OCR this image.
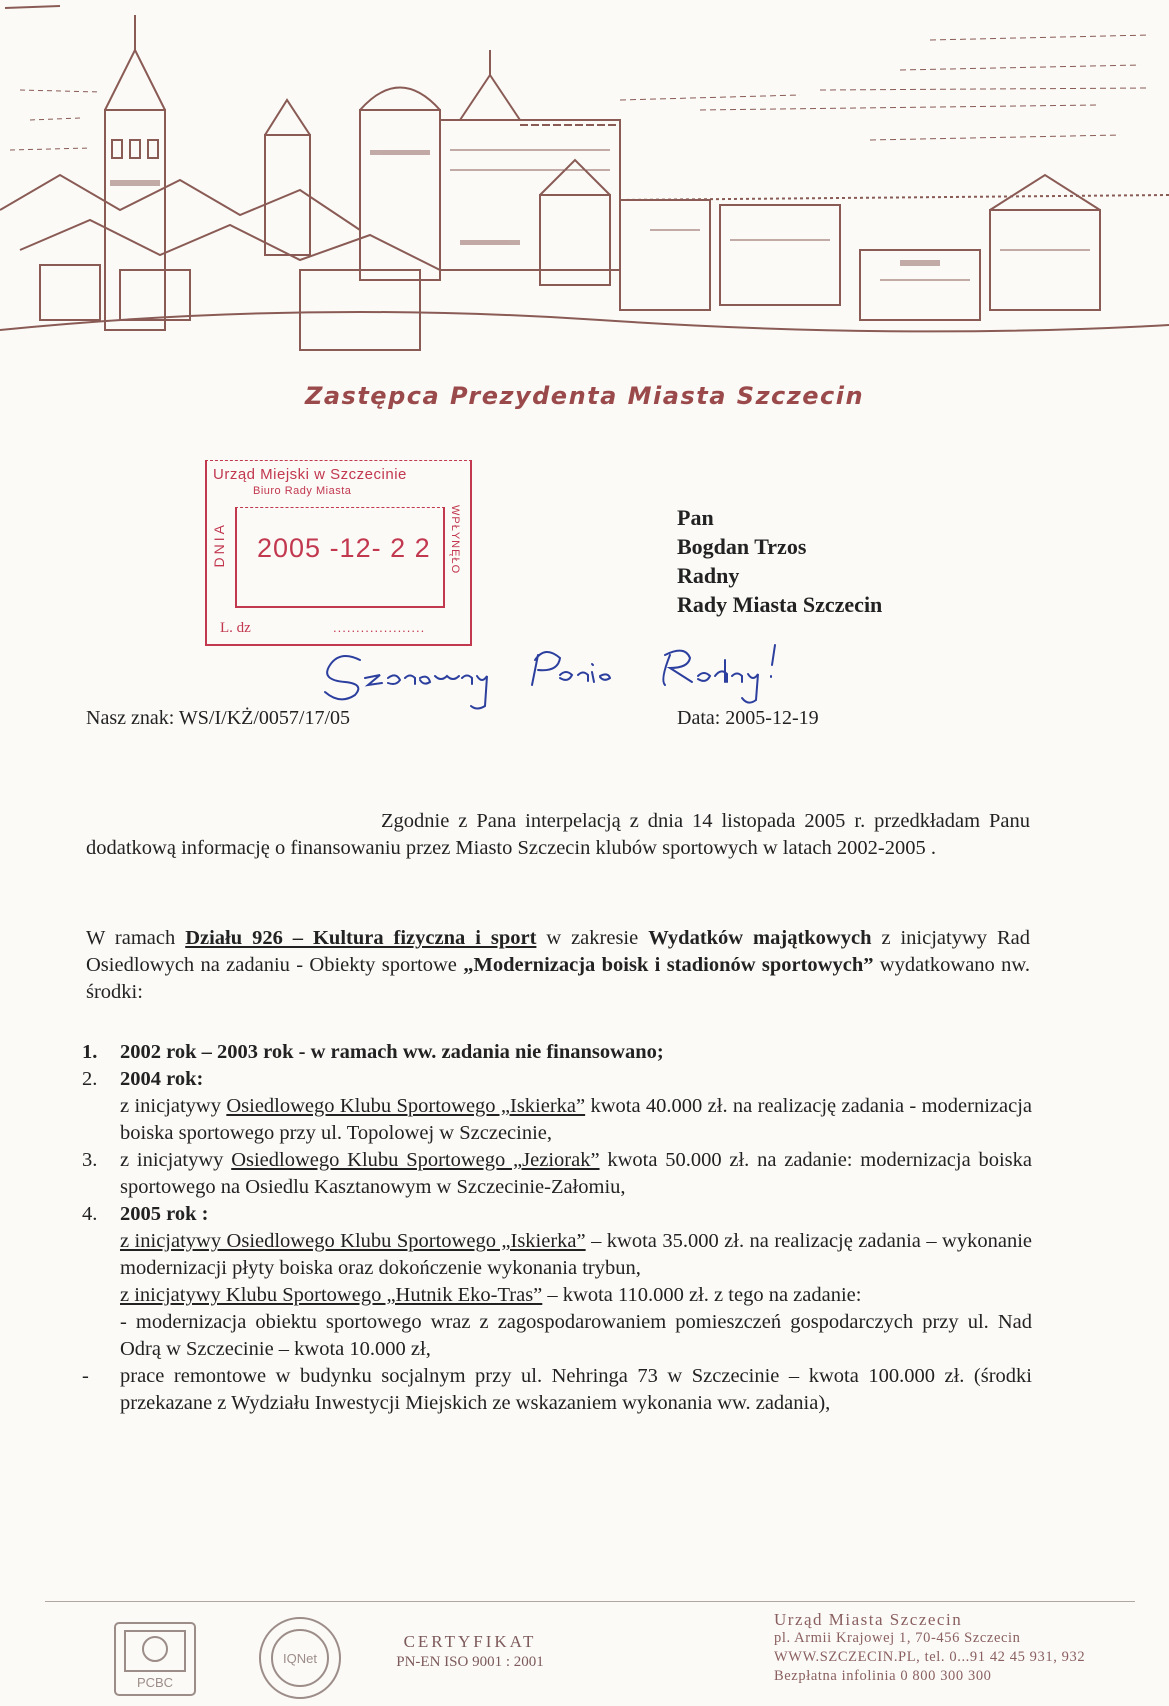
Zastępca Prezydenta Miasta Szczecin
Urząd Miejski w Szczecinie
Biuro Rady Miasta
DNIA 2005 -12- 2 2 WPŁYNĘŁO
L. dz	....................
Pan
Bogdan Trzos
Radny
Rady Miasta Szczecin
Nasz znak: WS/I/KŻ/0057/17/05	Data: 2005-12-19
Zgodnie z Pana interpelacją z dnia 14 listopada 2005 r. przedkładam Panu dodatkową informację o finansowaniu przez Miasto Szczecin klubów sportowych w latach 2002-2005 .
W ramach Działu 926 – Kultura fizyczna i sport w zakresie Wydatków majątkowych z inicjatywy Rad Osiedlowych na zadaniu - Obiekty sportowe „Modernizacja boisk i stadionów sportowych” wydatkowano nw. środki:
1. 2002 rok – 2003 rok - w ramach ww. zadania nie finansowano;
2. 2004 rok:
z inicjatywy Osiedlowego Klubu Sportowego „Iskierka” kwota 40.000 zł. na realizację zadania - modernizacja boiska sportowego przy ul. Topolowej w Szczecinie,
3. z inicjatywy Osiedlowego Klubu Sportowego „Jeziorak” kwota 50.000 zł. na zadanie: modernizacja boiska sportowego na Osiedlu Kasztanowym w Szczecinie-Załomiu,
4. 2005 rok :
z inicjatywy Osiedlowego Klubu Sportowego „Iskierka” – kwota 35.000 zł. na realizację zadania – wykonanie modernizacji płyty boiska oraz dokończenie wykonania trybun,
z inicjatywy Klubu Sportowego „Hutnik Eko-Tras” – kwota 110.000 zł. z tego na zadanie:
- modernizacja obiektu sportowego wraz z zagospodarowaniem pomieszczeń gospodarczych przy ul. Nad Odrą w Szczecinie – kwota 10.000 zł,
- prace remontowe w budynku socjalnym przy ul. Nehringa 73 w Szczecinie – kwota 100.000 zł. (środki przekazane z Wydziału Inwestycji Miejskich ze wskazaniem wykonania ww. zadania),
PCBC
IQNet
CERTYFIKAT
PN-EN ISO 9001 : 2001
Urząd Miasta Szczecin
pl. Armii Krajowej 1, 70-456 Szczecin
WWW.SZCZECIN.PL, tel. 0...91 42 45 931, 932
Bezpłatna infolinia 0 800 300 300
